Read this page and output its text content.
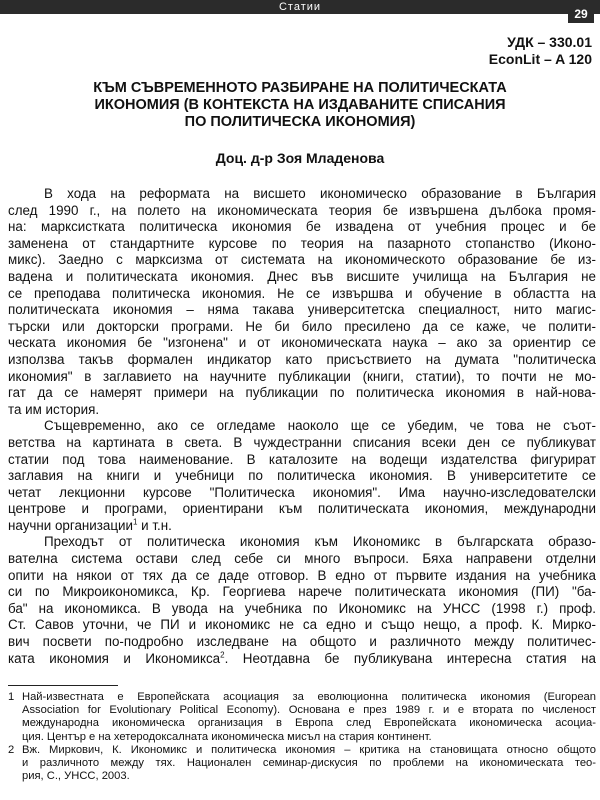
Статии	29
УДК – 330.01
EconLit – A 120
КЪМ СЪВРЕМЕННОТО РАЗБИРАНЕ НА ПОЛИТИЧЕСКАТА
ИКОНОМИЯ (В КОНТЕКСТА НА ИЗДАВАНИТЕ СПИСАНИЯ
ПО ПОЛИТИЧЕСКА ИКОНОМИЯ)
Доц. д-р Зоя Младенова
В хода на реформата на висшето икономическо образование в България
след 1990 г., на полето на икономическата теория бе извършена дълбока промя-
на: марксистката политическа икономия бе извадена от учебния процес и бе
заменена от стандартните курсове по теория на пазарното стопанство (Иконо-
микс). Заедно с марксизма от системата на икономическото образование бе из-
вадена и политическата икономия. Днес във висшите училища на България не
се преподава политическа икономия. Не се извършва и обучение в областта на
политическата икономия – няма такава университетска специалност, нито магис-
търски или докторски програми. Не би било пресилено да се каже, че полити-
ческата икономия бе "изгонена" и от икономическата наука – ако за ориентир се
използва такъв формален индикатор като присъствието на думата "политическа
икономия" в заглавието на научните публикации (книги, статии), то почти не мо-
гат да се намерят примери на публикации по политическа икономия в най-нова-
та им история.
Същевременно, ако се огледаме наоколо ще се убедим, че това не съот-
ветства на картината в света. В чуждестранни списания всеки ден се публикуват
статии под това наименование. В каталозите на водещи издателства фигурират
заглавия на книги и учебници по политическа икономия. В университетите се
четат лекционни курсове "Политическа икономия". Има научно-изследователски
центрове и програми, ориентирани към политическата икономия, международни
научни организации$^1$ и т.н.
Преходът от политическа икономия към Икономикс в българската образо-
вателна система остави след себе си много въпроси. Бяха направени отделни
опити на някои от тях да се даде отговор. В едно от първите издания на учебника
си по Микроикономикса, Кр. Георгиева нарече политическата икономия (ПИ) "ба-
ба" на икономикса. В увода на учебника по Икономикс на УНСС (1998 г.) проф.
Ст. Савов уточни, че ПИ и икономикс не са едно и също нещо, а проф. К. Мирко-
вич посвети по-подробно изследване на общото и различното между политичес-
ката икономия и Икономикса$^2$. Неотдавна бе публикувана интересна статия на
1 Най-известната е Европейската асоциация за еволюционна политическа икономия (European
Association for Evolutionary Political Economy). Основана е през 1989 г. и е втората по численост
международна икономическа организация в Европа след Европейската икономическа асоциа-
ция. Център е на хетеродоксалната икономическа мисъл на стария континент.
2 Вж. Миркович, К. Икономикс и политическа икономия – критика на становищата относно общото
и различното между тях. Национален семинар-дискусия по проблеми на икономическата тео-
рия, С., УНСС, 2003.
